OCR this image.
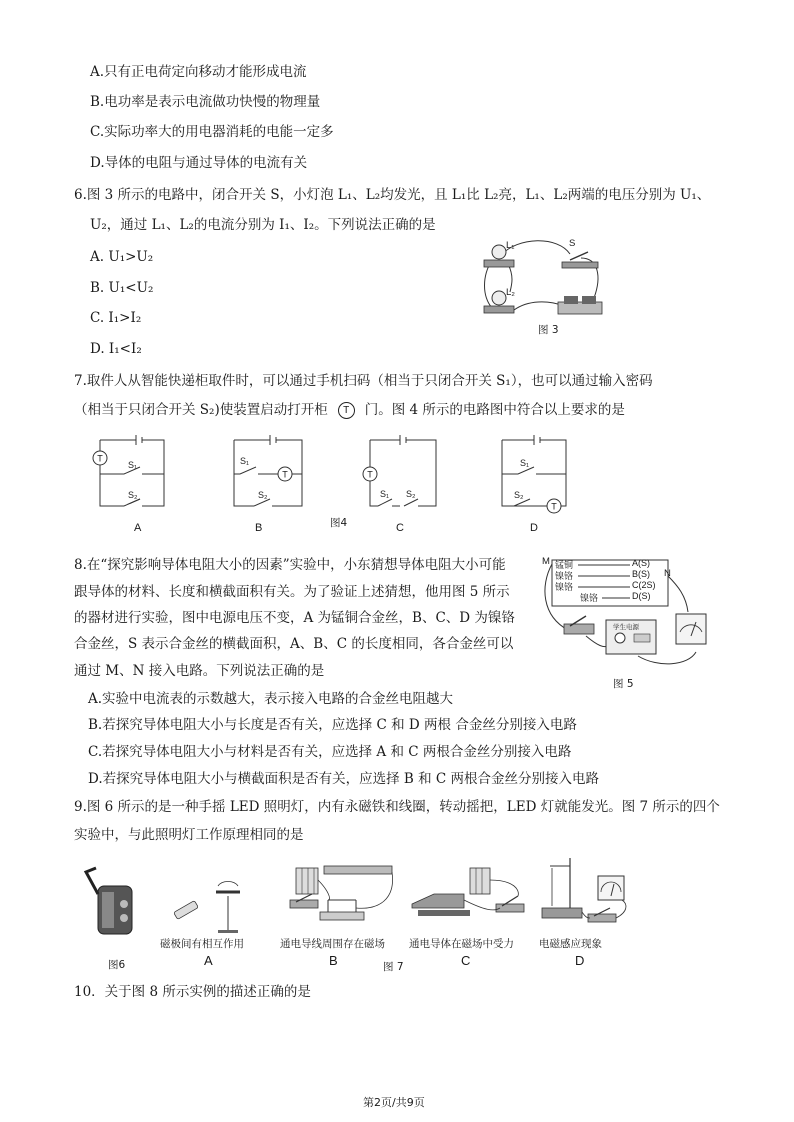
A.只有正电荷定向移动才能形成电流
B.电功率是表示电流做功快慢的物理量
C.实际功率大的用电器消耗的电能一定多
D.导体的电阻与通过导体的电流有关
6.图 3 所示的电路中，闭合开关 S，小灯泡 L₁、L₂均发光，且 L₁比 L₂亮，L₁、L₂两端的电压分别为 U₁、
U₂，通过 L₁、L₂的电流分别为 I₁、I₂。下列说法正确的是
A. U₁>U₂
B. U₁<U₂
C. I₁>I₂
D. I₁<I₂
L₁
L₂
S
图 3
7.取件人从智能快递柜取件时，可以通过手机扫码（相当于只闭合开关 S₁），也可以通过输入密码
（相当于只闭合开关 S₂)使装置启动打开柜 T 门。图 4 所示的电路图中符合以上要求的是
T
S₁
S₂
T
S₁
S₂
T
S₁ S₂
T
S₁
S₂
A	B	C	D
图4
8.在“探究影响导体电阻大小的因素”实验中，小东猜想导体电阻大小可能
跟导体的材料、长度和横截面积有关。为了验证上述猜想，他用图 5 所示
的器材进行实验，图中电源电压不变，A 为锰铜合金丝，B、C、D 为镍铬
合金丝，S 表示合金丝的横截面积，A、B、C 的长度相同，各合金丝可以
通过 M、N 接入电路。下列说法正确的是
A.实验中电流表的示数越大，表示接入电路的合金丝电阻越大
B.若探究导体电阻大小与长度是否有关，应选择 C 和 D 两根 合金丝分别接入电路
C.若探究导体电阻大小与材料是否有关，应选择 A 和 C 两根合金丝分别接入电路
D.若探究导体电阻大小与横截面积是否有关，应选择 B 和 C 两根合金丝分别接入电路
M
N
锰铜
镍铬
镍铬
镍铬
A(S)
B(S)
C(2S)
D(S)
学生电源
图 5
9.图 6 所示的是一种手摇 LED 照明灯，内有永磁铁和线圈，转动摇把，LED 灯就能发光。图 7 所示的四个
实验中，与此照明灯工作原理相同的是
图6
磁极间有相互作用	通电导线周围存在磁场 通电导体在磁场中受力 电磁感应现象
A	B	C	D
图 7
10．关于图 8 所示实例的描述正确的是
第2页/共9页
